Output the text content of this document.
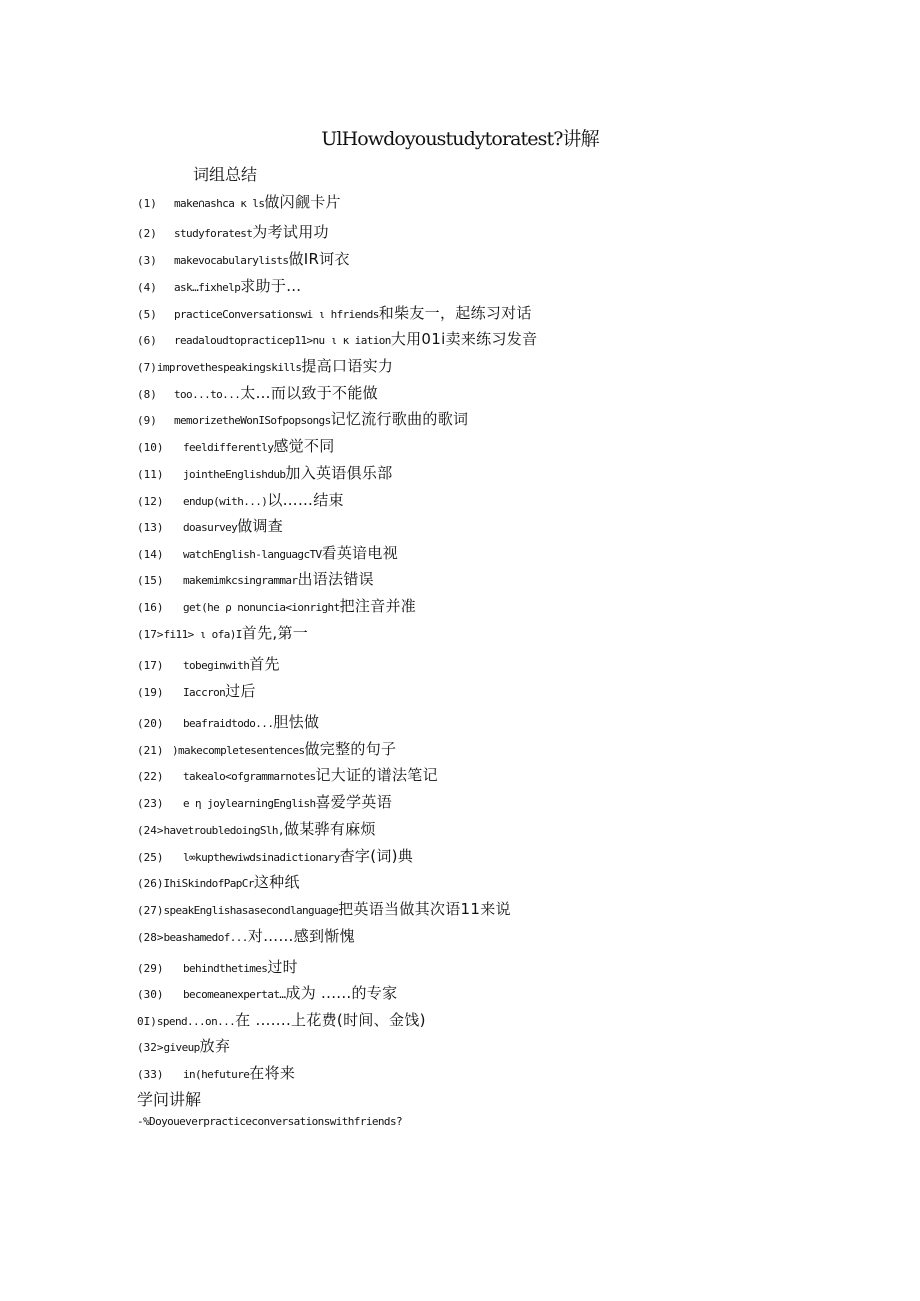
UlHowdoyoustudytoratest?讲解
词组总结
(1)	make∩ashca κ ls 做闪觎卡片
(2)	studyforatest 为考试用功
(3)	makevocabularylists 做IR诃衣
(4)	ask…fixhelp 求助于…
(5)	practiceConversationswi ι hfriends 和柴友一，起练习对话
(6)	readaloudtopracticep11>nu ι κ iation 大用01i卖来练习发音
(7) improvethespeakingskills 提高口语实力
(8)	too...to... 太…而以致于不能做
(9)	memorizetheWonISofpopsongs 记忆流行歌曲的歌词
(10)	feeldifferently 感觉不同
(11)	jointheEnglishdub 加入英语俱乐部
(12)	endup(with...) 以……结束
(13)	doasurvey 做调查
(14)	watchEnglish-languagcTV 看英谙电视
(15)	makemimkcsingrammar 出语法错误
(16)	get(he ρ nonuncia<ionright 把注音并准
(17> fi11> ι ofa)I 首先,第一
(17)	tobeginwith 首先
(19)	Iaccron 过后
(20)	beafraidtodo... 胆怯做
(21) )makecompletesentences 做完整的句子
(22)	takealo<ofgrammarnotes 记大证的谱法笔记
(23)	e η joylearningEnglish 喜爱学英语
(24> havetroubledoingSlh, 做某骅有麻烦
(25)	l∞kupthewiwdsinadictionary 杳字(词)典
(26) IhiSkindofPapCr 这种纸
(27) speakEnglishasasecondlanguage 把英语当做其次语11来说
(28> beashamedof... 对……感到惭愧
(29)	behindthetimes 过时
(30)	becomeanexpertat… 成为 ......的专家
0I) spend...on... 在 .......上花费(时间、金饯)
(32> giveup 放弃
(33)	in(hefuture 在将来
学问讲解
-%Doyoueverpracticeconversationswithfriends?
